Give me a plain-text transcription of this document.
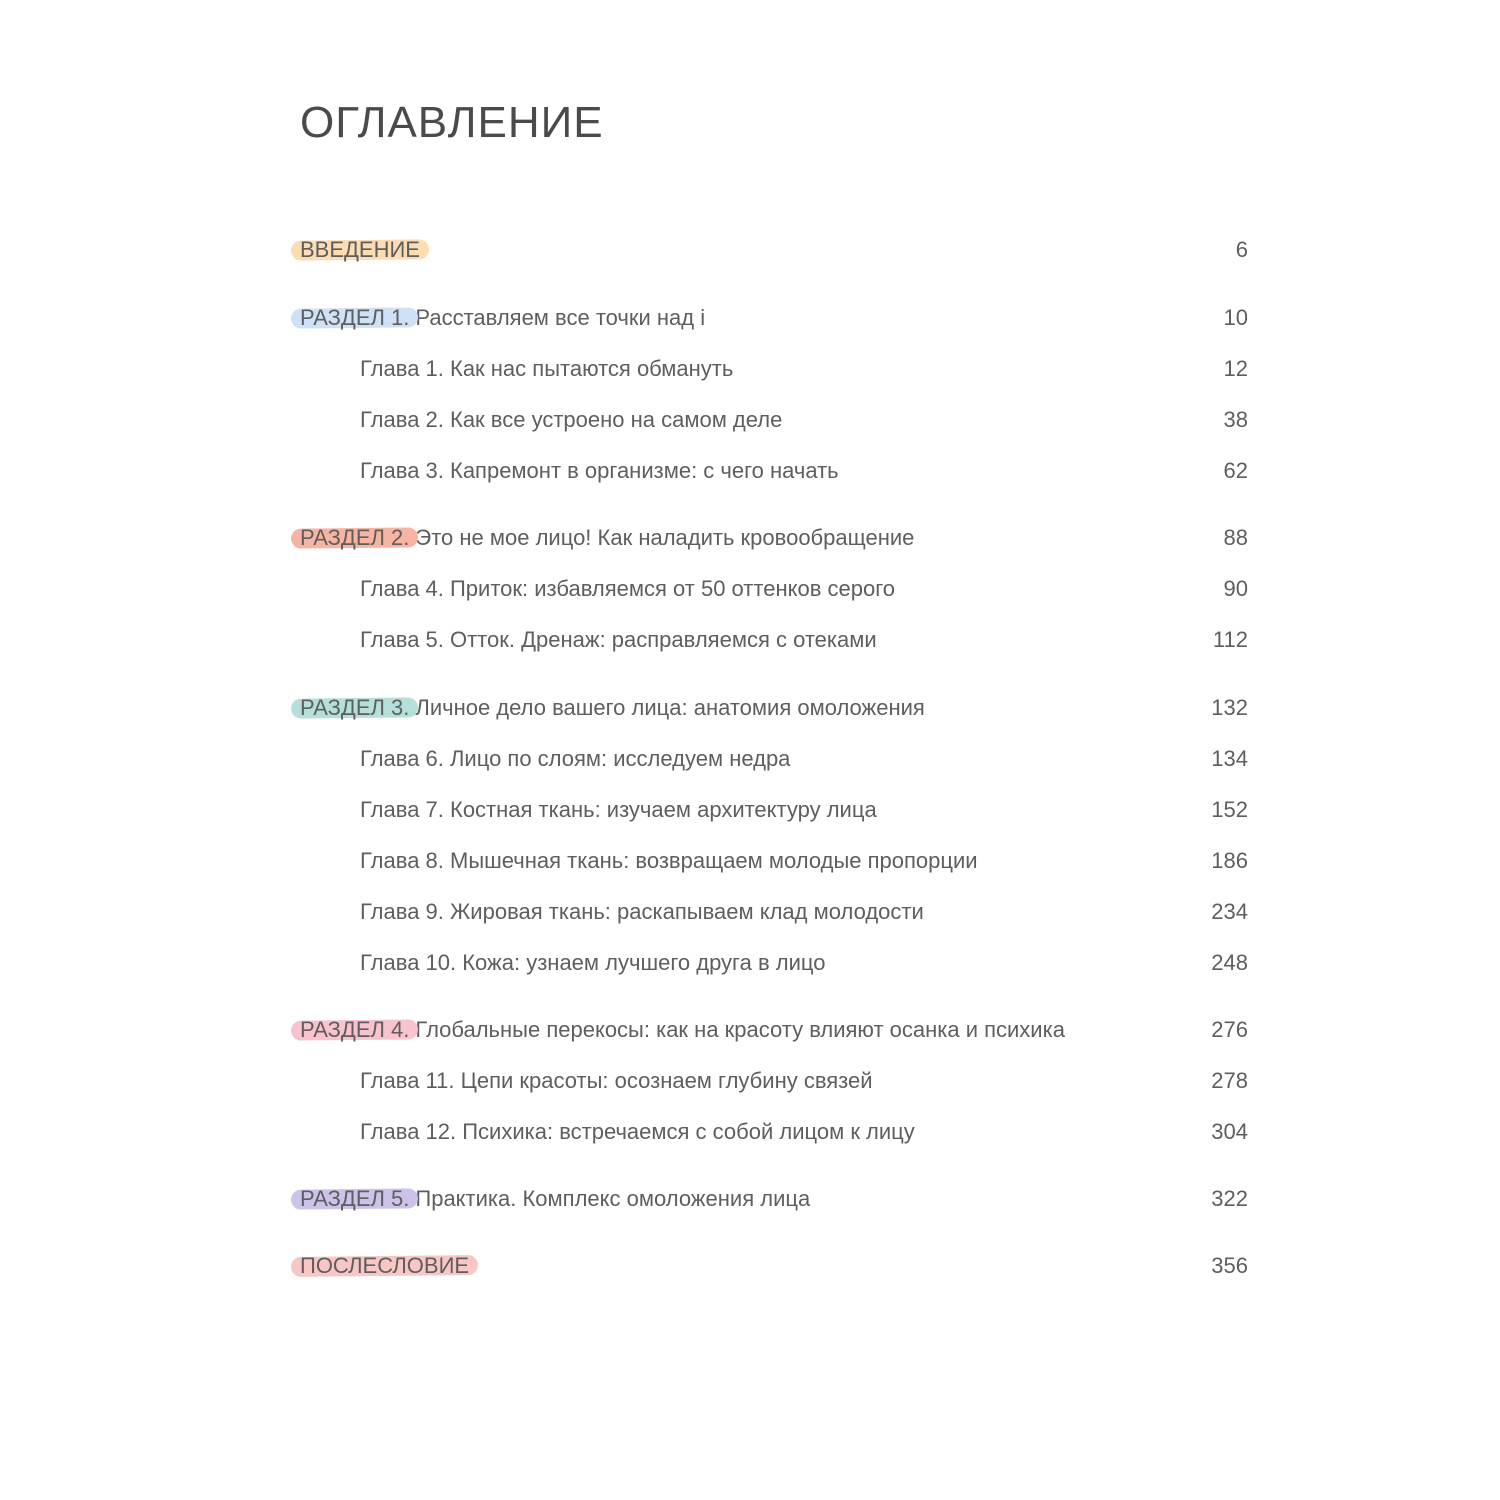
ОГЛАВЛЕНИЕ
ВВЕДЕНИЕ	6
РАЗДЕЛ 1. Расставляем все точки над i	10
Глава 1. Как нас пытаются обмануть	12
Глава 2. Как все устроено на самом деле	38
Глава 3. Капремонт в организме: с чего начать	62
РАЗДЕЛ 2. Это не мое лицо! Как наладить кровообращение	88
Глава 4. Приток: избавляемся от 50 оттенков серого	90
Глава 5. Отток. Дренаж: расправляемся с отеками	112
РАЗДЕЛ 3. Личное дело вашего лица: анатомия омоложения	132
Глава 6. Лицо по слоям: исследуем недра	134
Глава 7. Костная ткань: изучаем архитектуру лица	152
Глава 8. Мышечная ткань: возвращаем молодые пропорции	186
Глава 9. Жировая ткань: раскапываем клад молодости	234
Глава 10. Кожа: узнаем лучшего друга в лицо	248
РАЗДЕЛ 4. Глобальные перекосы: как на красоту влияют осанка и психика	276
Глава 11. Цепи красоты: осознаем глубину связей	278
Глава 12. Психика: встречаемся с собой лицом к лицу	304
РАЗДЕЛ 5. Практика. Комплекс омоложения лица	322
ПОСЛЕСЛОВИЕ	356
